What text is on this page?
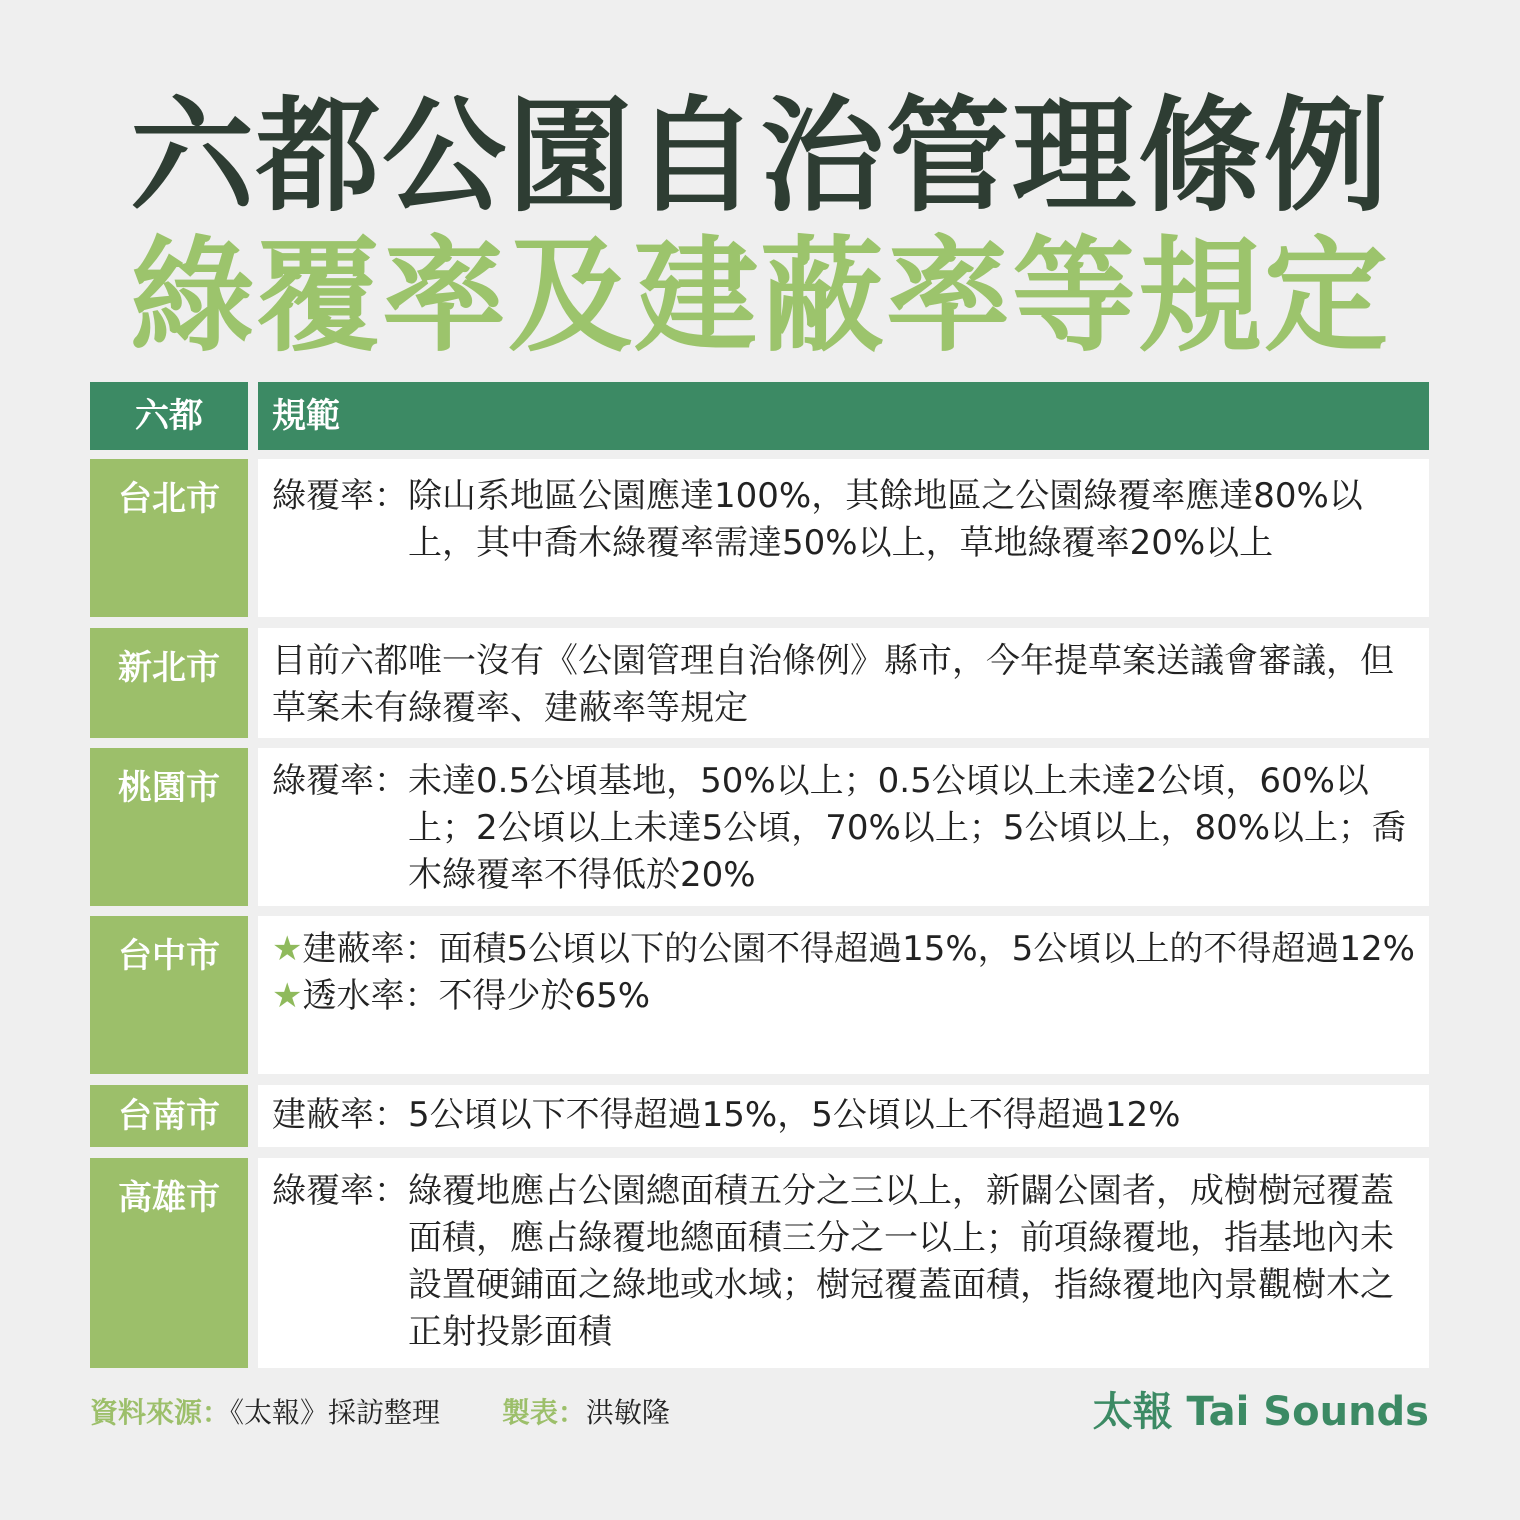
六都公園自治管理條例
綠覆率及建蔽率等規定
六都	規範
台北市	綠覆率： 除山系地區公園應達100%，其餘地區之公園綠覆率應達80%以上，其中喬木綠覆率需達50%以上，草地綠覆率20%以上
新北市	目前六都唯一沒有《公園管理自治條例》縣市，今年提草案送議會審議，但草案未有綠覆率、建蔽率等規定
桃園市	綠覆率： 未達0.5公頃基地，50%以上；0.5公頃以上未達2公頃，60%以上；2公頃以上未達5公頃，70%以上；5公頃以上，80%以上；喬木綠覆率不得低於20%
台中市	★建蔽率： 面積5公頃以下的公園不得超過15%，5公頃以上的不得超過12%
★透水率： 不得少於65%
台南市	建蔽率： 5公頃以下不得超過15%，5公頃以上不得超過12%
高雄市	綠覆率： 綠覆地應占公園總面積五分之三以上，新闢公園者，成樹樹冠覆蓋面積，應占綠覆地總面積三分之一以上；前項綠覆地，指基地內未設置硬鋪面之綠地或水域；樹冠覆蓋面積，指綠覆地內景觀樹木之正射投影面積
資料來源：《太報》採訪整理 製表：洪敏隆	太報 Tai Sounds
